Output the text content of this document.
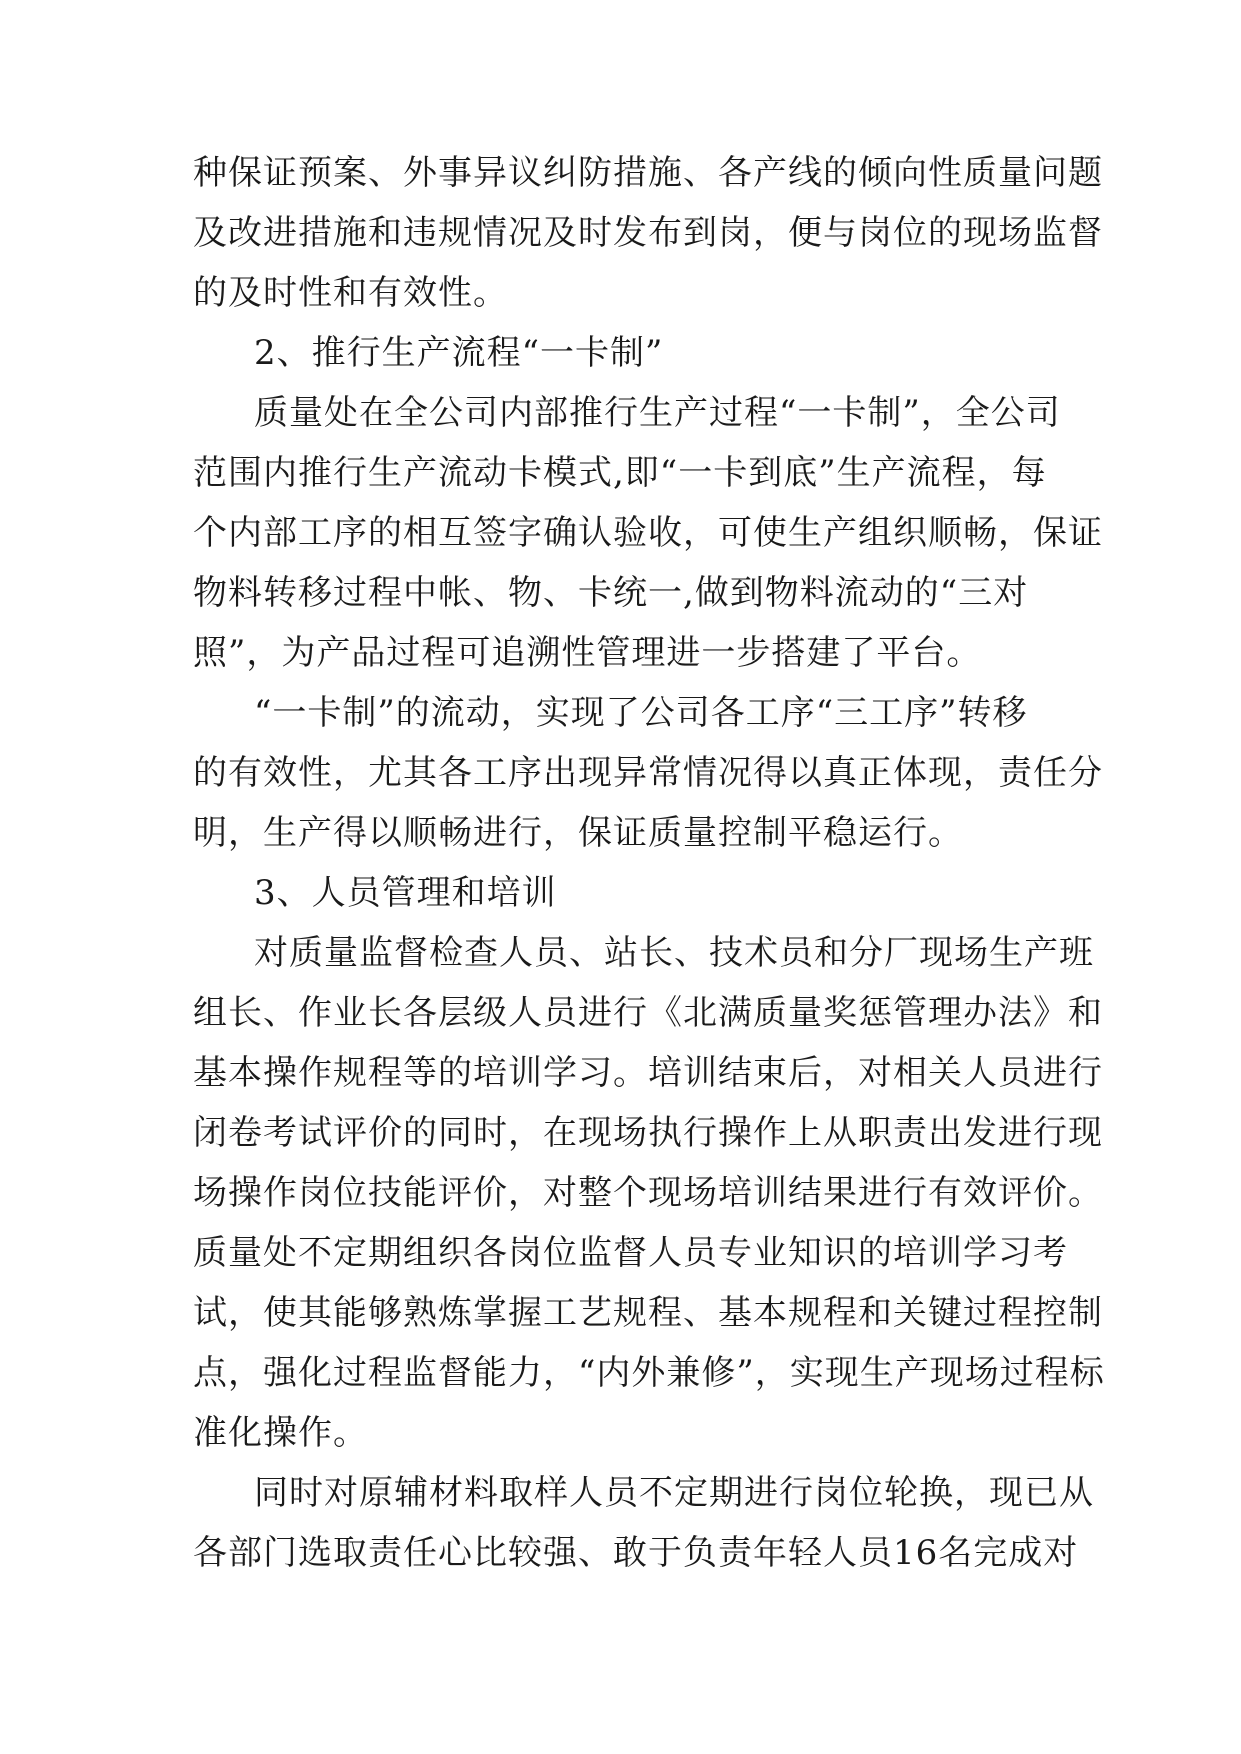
种保证预案、外事异议纠防措施、各产线的倾向性质量问题
及改进措施和违规情况及时发布到岗，便与岗位的现场监督
的及时性和有效性。
2、推行生产流程“一卡制”
质量处在全公司内部推行生产过程“一卡制”，全公司
范围内推行生产流动卡模式,即“一卡到底”生产流程，每
个内部工序的相互签字确认验收，可使生产组织顺畅，保证
物料转移过程中帐、物、卡统一,做到物料流动的“三对
照”，为产品过程可追溯性管理进一步搭建了平台。
“一卡制”的流动，实现了公司各工序“三工序”转移
的有效性，尤其各工序出现异常情况得以真正体现，责任分
明，生产得以顺畅进行，保证质量控制平稳运行。
3、人员管理和培训
对质量监督检查人员、站长、技术员和分厂现场生产班
组长、作业长各层级人员进行《北满质量奖惩管理办法》和
基本操作规程等的培训学习。培训结束后，对相关人员进行
闭卷考试评价的同时，在现场执行操作上从职责出发进行现
场操作岗位技能评价，对整个现场培训结果进行有效评价。
质量处不定期组织各岗位监督人员专业知识的培训学习考
试，使其能够熟炼掌握工艺规程、基本规程和关键过程控制
点，强化过程监督能力，“内外兼修”，实现生产现场过程标
准化操作。
同时对原辅材料取样人员不定期进行岗位轮换，现已从
各部门选取责任心比较强、敢于负责年轻人员16名完成对
